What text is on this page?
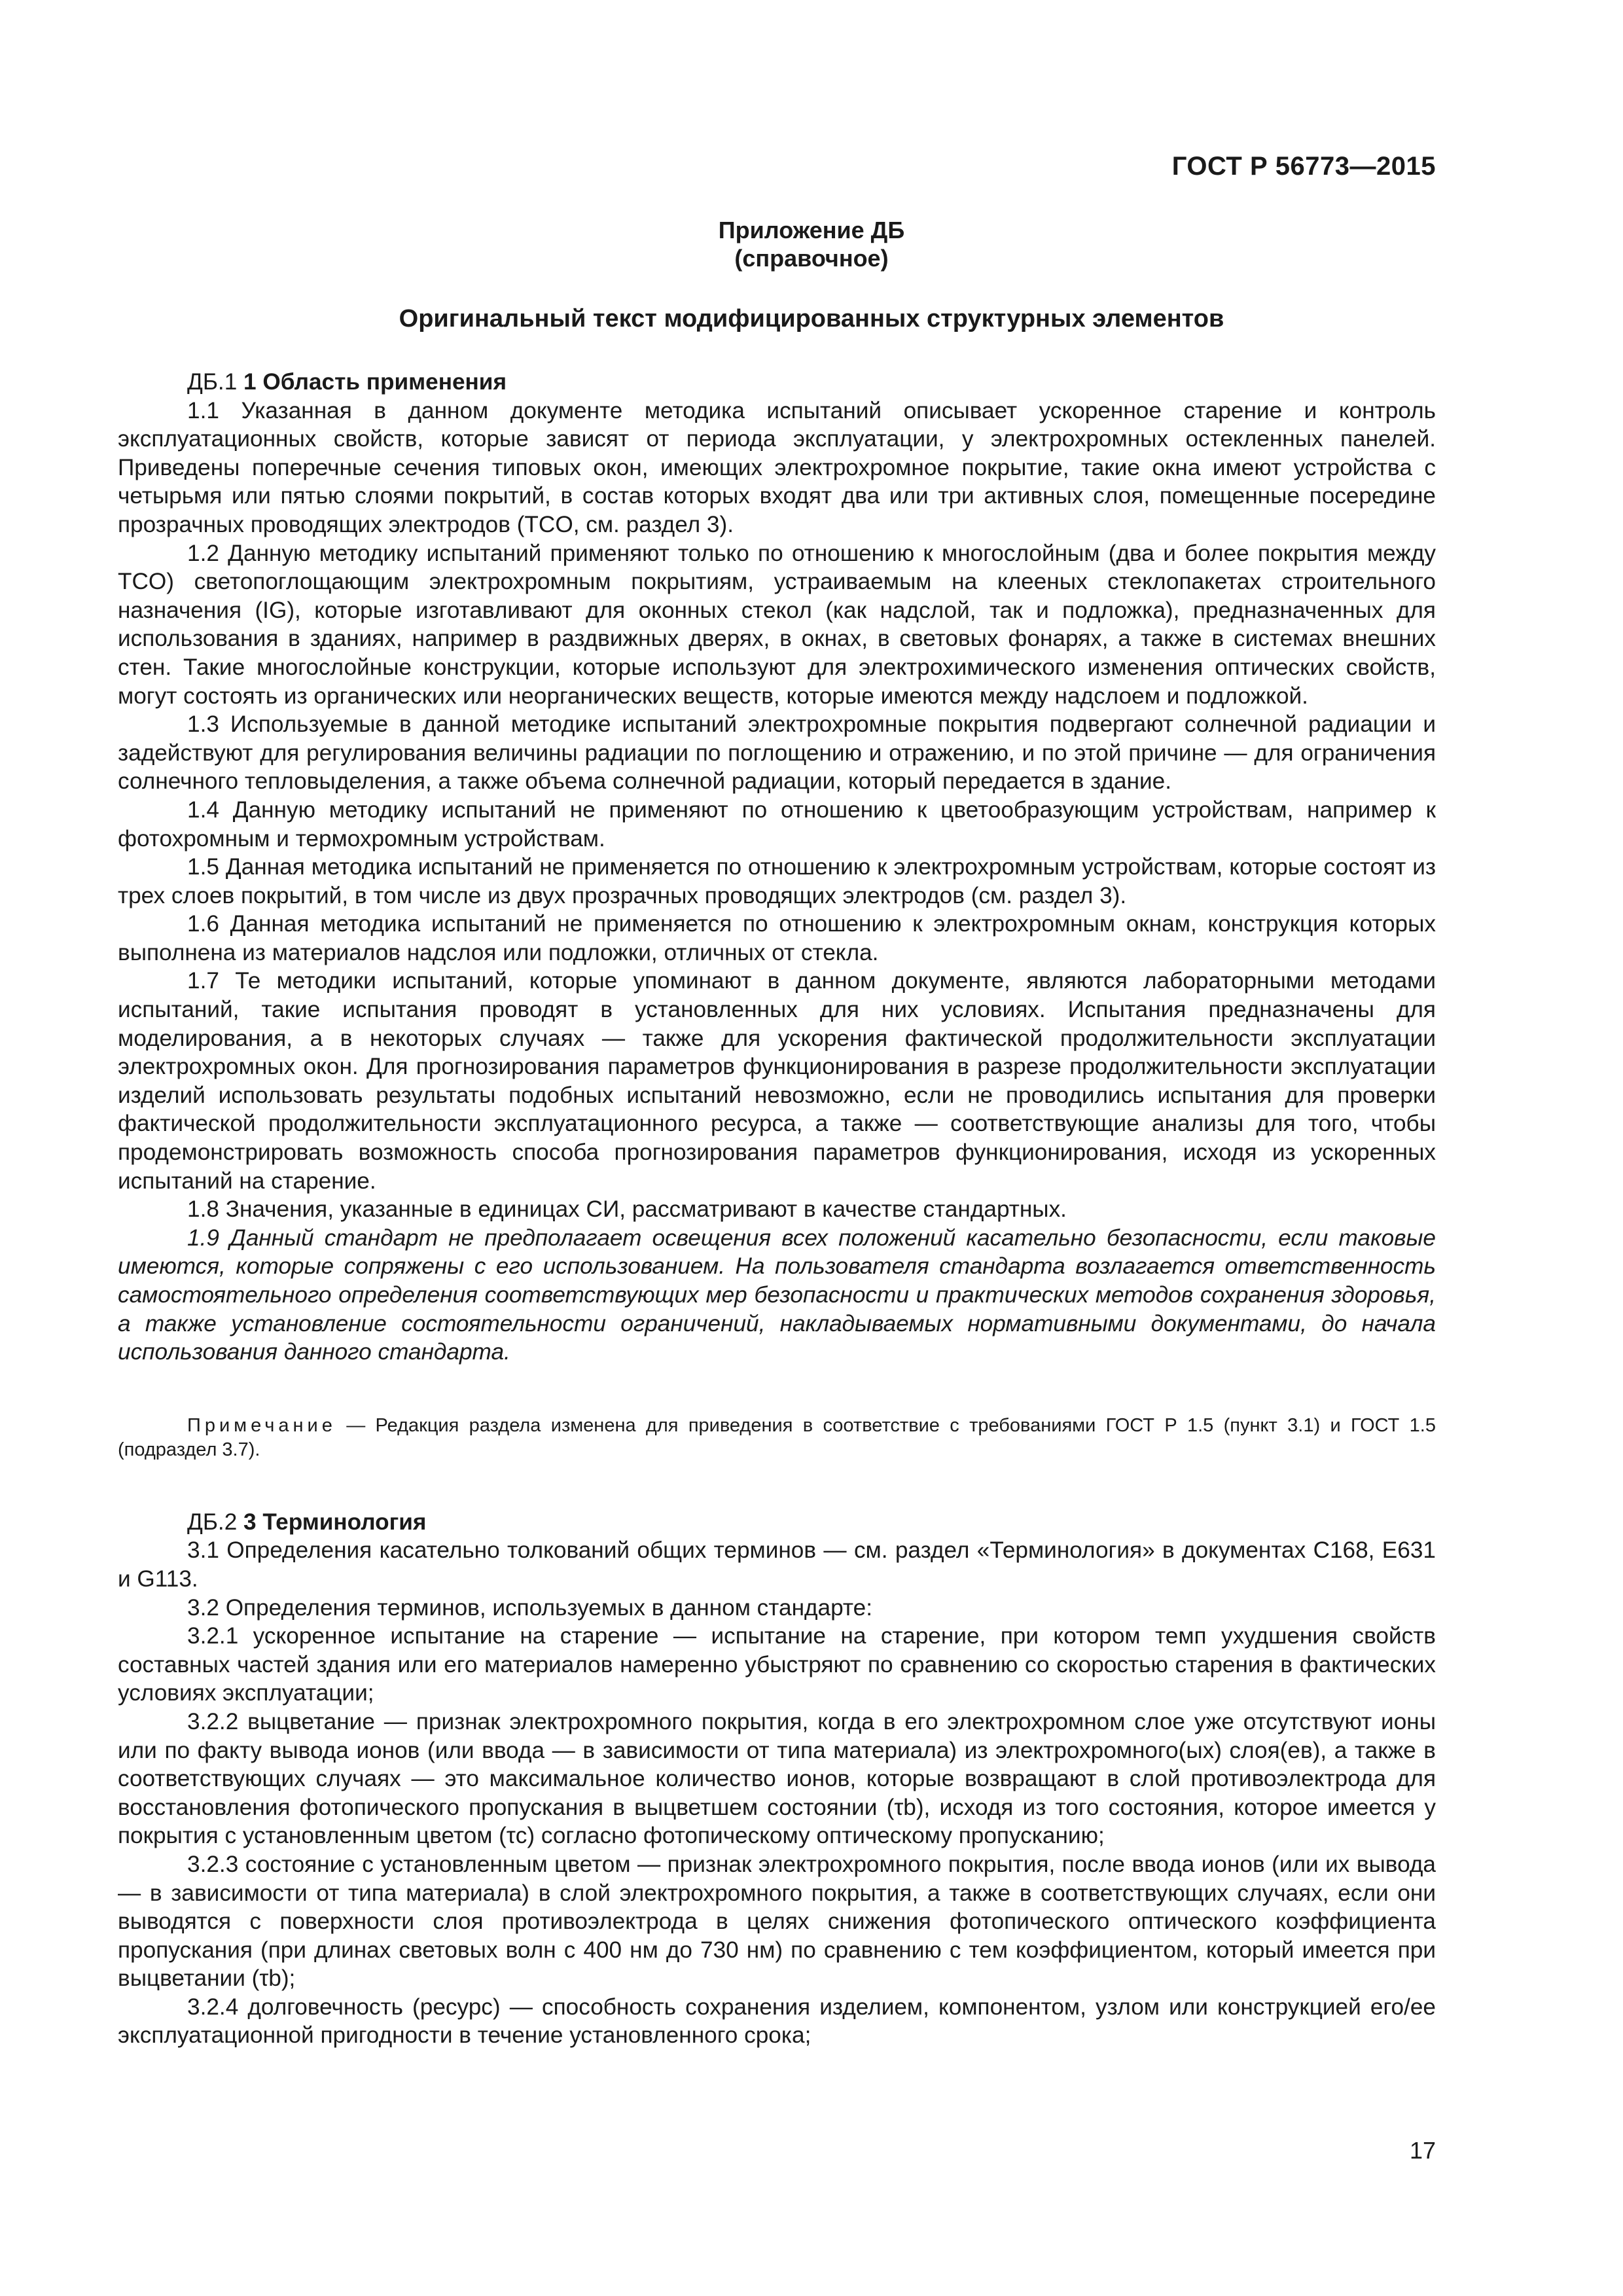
ГОСТ Р 56773—2015
Приложение ДБ
(справочное)
Оригинальный текст модифицированных структурных элементов

ДБ.1 1 Область применения

1.1 Указанная в данном документе методика испытаний описывает ускоренное старение и контроль эксплуатационных свойств, которые зависят от периода эксплуатации, у электрохромных остекленных панелей. Приведены поперечные сечения типовых окон, имеющих электрохромное покрытие, такие окна имеют устройства с четырьмя или пятью слоями покрытий, в состав которых входят два или три активных слоя, помещенные посередине прозрачных проводящих электродов (TCO, см. раздел 3).

1.2 Данную методику испытаний применяют только по отношению к многослойным (два и более покрытия между TCO) светопоглощающим электрохромным покрытиям, устраиваемым на клееных стеклопакетах строительного назначения (IG), которые изготавливают для оконных стекол (как надслой, так и подложка), предназначенных для использования в зданиях, например в раздвижных дверях, в окнах, в световых фонарях, а также в системах внешних стен. Такие многослойные конструкции, которые используют для электрохимического изменения оптических свойств, могут состоять из органических или неорганических веществ, которые имеются между надслоем и подложкой.

1.3 Используемые в данной методике испытаний электрохромные покрытия подвергают солнечной радиации и задействуют для регулирования величины радиации по поглощению и отражению, и по этой причине — для ограничения солнечного тепловыделения, а также объема солнечной радиации, который передается в здание.

1.4 Данную методику испытаний не применяют по отношению к цветообразующим устройствам, например к фотохромным и термохромным устройствам.

1.5 Данная методика испытаний не применяется по отношению к электрохромным устройствам, которые состоят из трех слоев покрытий, в том числе из двух прозрачных проводящих электродов (см. раздел 3).

1.6 Данная методика испытаний не применяется по отношению к электрохромным окнам, конструкция которых выполнена из материалов надслоя или подложки, отличных от стекла.

1.7 Те методики испытаний, которые упоминают в данном документе, являются лабораторными методами испытаний, такие испытания проводят в установленных для них условиях. Испытания предназначены для моделирования, а в некоторых случаях — также для ускорения фактической продолжительности эксплуатации электрохромных окон. Для прогнозирования параметров функционирования в разрезе продолжительности эксплуатации изделий использовать результаты подобных испытаний невозможно, если не проводились испытания для проверки фактической продолжительности эксплуатационного ресурса, а также — соответствующие анализы для того, чтобы продемонстрировать возможность способа прогнозирования параметров функционирования, исходя из ускоренных испытаний на старение.

1.8 Значения, указанные в единицах СИ, рассматривают в качестве стандартных.

1.9 Данный стандарт не предполагает освещения всех положений касательно безопасности, если таковые имеются, которые сопряжены с его использованием. На пользователя стандарта возлагается ответственность самостоятельного определения соответствующих мер безопасности и практических методов сохранения здоровья, а также установление состоятельности ограничений, накладываемых нормативными документами, до начала использования данного стандарта.

Примечание — Редакция раздела изменена для приведения в соответствие с требованиями ГОСТ Р 1.5 (пункт 3.1) и ГОСТ 1.5 (подраздел 3.7).

ДБ.2 3 Терминология

3.1 Определения касательно толкований общих терминов — см. раздел «Терминология» в документах C168, E631 и G113.

3.2 Определения терминов, используемых в данном стандарте:

3.2.1 ускоренное испытание на старение — испытание на старение, при котором темп ухудшения свойств составных частей здания или его материалов намеренно убыстряют по сравнению со скоростью старения в фактических условиях эксплуатации;

3.2.2 выцветание — признак электрохромного покрытия, когда в его электрохромном слое уже отсутствуют ионы или по факту вывода ионов (или ввода — в зависимости от типа материала) из электрохромного(ых) слоя(ев), а также в соответствующих случаях — это максимальное количество ионов, которые возвращают в слой противоэлектрода для восстановления фотопического пропускания в выцветшем состоянии (τb), исходя из того состояния, которое имеется у покрытия с установленным цветом (τc) согласно фотопическому оптическому пропусканию;

3.2.3 состояние с установленным цветом — признак электрохромного покрытия, после ввода ионов (или их вывода — в зависимости от типа материала) в слой электрохромного покрытия, а также в соответствующих случаях, если они выводятся с поверхности слоя противоэлектрода в целях снижения фотопического оптического коэффициента пропускания (при длинах световых волн с 400 нм до 730 нм) по сравнению с тем коэффициентом, который имеется при выцветании (τb);

3.2.4 долговечность (ресурс) — способность сохранения изделием, компонентом, узлом или конструкцией его/ее эксплуатационной пригодности в течение установленного срока;

17
